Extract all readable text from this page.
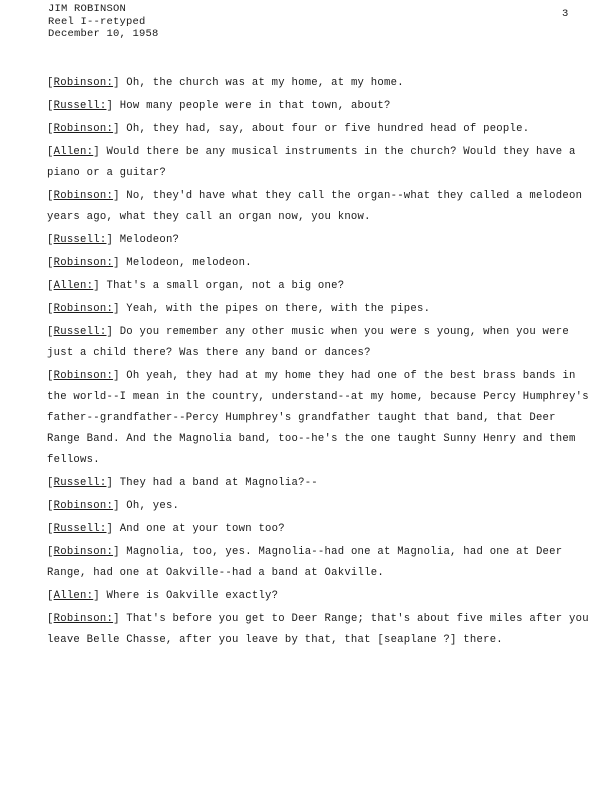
JIM ROBINSON
Reel I--retyped
December 10, 1958
3
[Robinson:] Oh, the church was at my home, at my home.
[Russell:] How many people were in that town, about?
[Robinson:] Oh, they had, say, about four or five hundred head of people.
[Allen:] Would there be any musical instruments in the church? Would they have a piano or a guitar?
[Robinson:] No, they'd have what they call the organ--what they called a melodeon years ago, what they call an organ now, you know.
[Russell:] Melodeon?
[Robinson:] Melodeon, melodeon.
[Allen:] That's a small organ, not a big one?
[Robinson:] Yeah, with the pipes on there, with the pipes.
[Russell:] Do you remember any other music when you were s young, when you were just a child there? Was there any band or dances?
[Robinson:] Oh yeah, they had at my home they had one of the best brass bands in the world--I mean in the country, understand--at my home, because Percy Humphrey's father--grandfather--Percy Humphrey's grandfather taught that band, that Deer Range Band. And the Magnolia band, too--he's the one taught Sunny Henry and them fellows.
[Russell:] They had a band at Magnolia?--
[Robinson:] Oh, yes.
[Russell:] And one at your town too?
[Robinson:] Magnolia, too, yes. Magnolia--had one at Magnolia, had one at Deer Range, had one at Oakville--had a band at Oakville.
[Allen:] Where is Oakville exactly?
[Robinson:] That's before you get to Deer Range; that's about five miles after you leave Belle Chasse, after you leave by that, that [seaplane ?] there.
